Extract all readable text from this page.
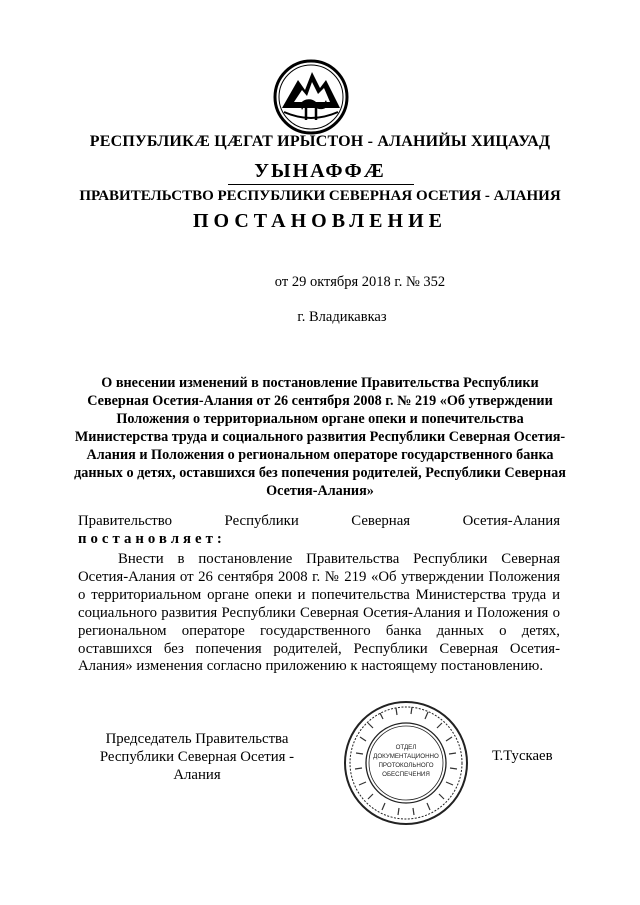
РЕСПУБЛИКÆ ЦÆГАТ ИРЫСТОН - АЛАНИЙЫ ХИЦАУАД
УЫНАФФÆ
ПРАВИТЕЛЬСТВО РЕСПУБЛИКИ СЕВЕРНАЯ ОСЕТИЯ - АЛАНИЯ
ПОСТАНОВЛЕНИЕ
от 29 октября 2018 г. № 352
г. Владикавказ
О внесении изменений в постановление Правительства Республики Северная Осетия-Алания от 26 сентября 2008 г. № 219 «Об утверждении Положения о территориальном органе опеки и попечительства Министерства труда и социального развития Республики Северная Осетия-Алания и Положения о региональном операторе государственного банка данных о детях, оставшихся без попечения родителей, Республики Северная Осетия-Алания»
Правительство Республики Северная Осетия-Алания
постановляет:
Внести в постановление Правительства Республики Северная Осетия-Алания от 26 сентября 2008 г. № 219 «Об утверждении Положения о территориальном органе опеки и попечительства Министерства труда и социального развития Республики Северная Осетия-Алания и Положения о региональном операторе государственного банка данных о детях, оставшихся без попечения родителей, Республики Северная Осетия-Алания» изменения согласно приложению к настоящему постановлению.
Председатель Правительства
Республики Северная Осетия - Алания
ОТДЕЛ
ДОКУМЕНТАЦИОННО
ПРОТОКОЛЬНОГО
ОБЕСПЕЧЕНИЯ
Т.Тускаев
